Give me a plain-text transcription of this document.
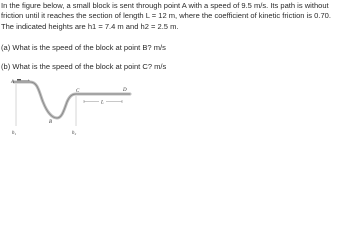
In the figure below, a small block is sent through point A with a speed of 9.5 m/s. Its path is without

friction until it reaches the section of length L = 12 m, where the coefficient of kinetic friction is 0.70.

The indicated heights are h1 = 7.4 m and h2 = 2.5 m.

(a) What is the speed of the block at point B? m/s
(b) What is the speed of the block at point C? m/s
L
h₁	h₂
A
B
C	D
